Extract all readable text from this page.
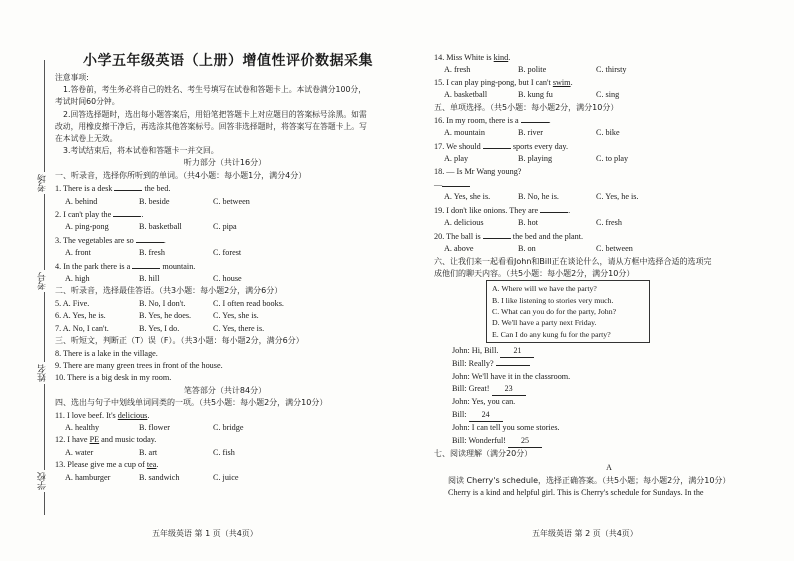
考场
考号
姓名
学校
小学五年级英语（上册）增值性评价数据采集
注意事项:
1.答卷前，考生务必将自己的姓名、考生号填写在试卷和答题卡上。本试卷满分100分，
考试时间60分钟。
2.回答选择题时，选出每小题答案后，用铅笔把答题卡上对应题目的答案标号涂黑。如需
改动，用橡皮擦干净后，再选涂其他答案标号。回答非选择题时，将答案写在答题卡上。写
在本试卷上无效。
3.考试结束后，将本试卷和答题卡一并交回。
听力部分（共计16分）
一、听录音，选择你所听到的单词。（共4小题：每小题1分，满分4分）
1. There is a desk	the bed.
A. behind	B. beside	C. between
2. I can't play the	.
A. ping-pong	B. basketball	C. pipa
3. The vegetables are so	.
A. front	B. fresh	C. forest
4. In the park there is a	mountain.
A. high	B. hill	C. house
二、听录音，选择最佳答语。（共3小题：每小题2分，满分6分）
5. A. Five.	B. No, I don't.	C. I often read books.
6. A. Yes, he is.	B. Yes, he does.	C. Yes, she is.
7. A. No, I can't.	B. Yes, I do.	C. Yes, there is.
三、听短文，判断正（T）误（F）。（共3小题：每小题2分，满分6分）
8. There is a lake in the village.
9. There are many green trees in front of the house.
10. There is a big desk in my room.
笔答部分（共计84分）
四、选出与句子中划线单词同类的一项。（共5小题：每小题2分，满分10分）
11. I love beef. It's delicious.
A. healthy	B. flower	C. bridge
12. I have PE and music today.
A. water	B. art	C. fish
13. Please give me a cup of tea.
A. hamburger	B. sandwich	C. juice
五年级英语 第 1 页（共4页）
14. Miss White is kind.
A. fresh	B. polite	C. thirsty
15. I can play ping-pong, but I can't swim.
A. basketball	B. kung fu	C. sing
五、单项选择。（共5小题：每小题2分，满分10分）
16. In my room, there is a	.
A. mountain	B. river	C. bike
17. We should	sports every day.
A. play	B. playing	C. to play
18. — Is Mr Wang young?
—
A. Yes, she is.	B. No, he is.	C. Yes, he is.
19. I don't like onions. They are	.
A. delicious	B. hot	C. fresh
20. The ball is	the bed and the plant.
A. above	B. on	C. between
六、让我们来一起看看John和Bill正在谈论什么，请从方框中选择合适的选项完
成他们的聊天内容。（共5小题：每小题2分，满分10分）
A. Where will we have the party?
B. I like listening to stories very much.
C. What can you do for the party, John?
D. We'll have a party next Friday.
E. Can I do any kung fu for the party?
John: Hi, Bill. 21
Bill: Really?
John: We'll have it in the classroom.
Bill: Great! 23
John: Yes, you can.
Bill: 24
John: I can tell you some stories.
Bill: Wonderful! 25
七、阅读理解（满分20分）
A
阅读 Cherry's schedule，选择正确答案。（共5小题；每小题2分，满分10分）
Cherry is a kind and helpful girl. This is Cherry's schedule for Sundays. In the
五年级英语 第 2 页（共4页）
